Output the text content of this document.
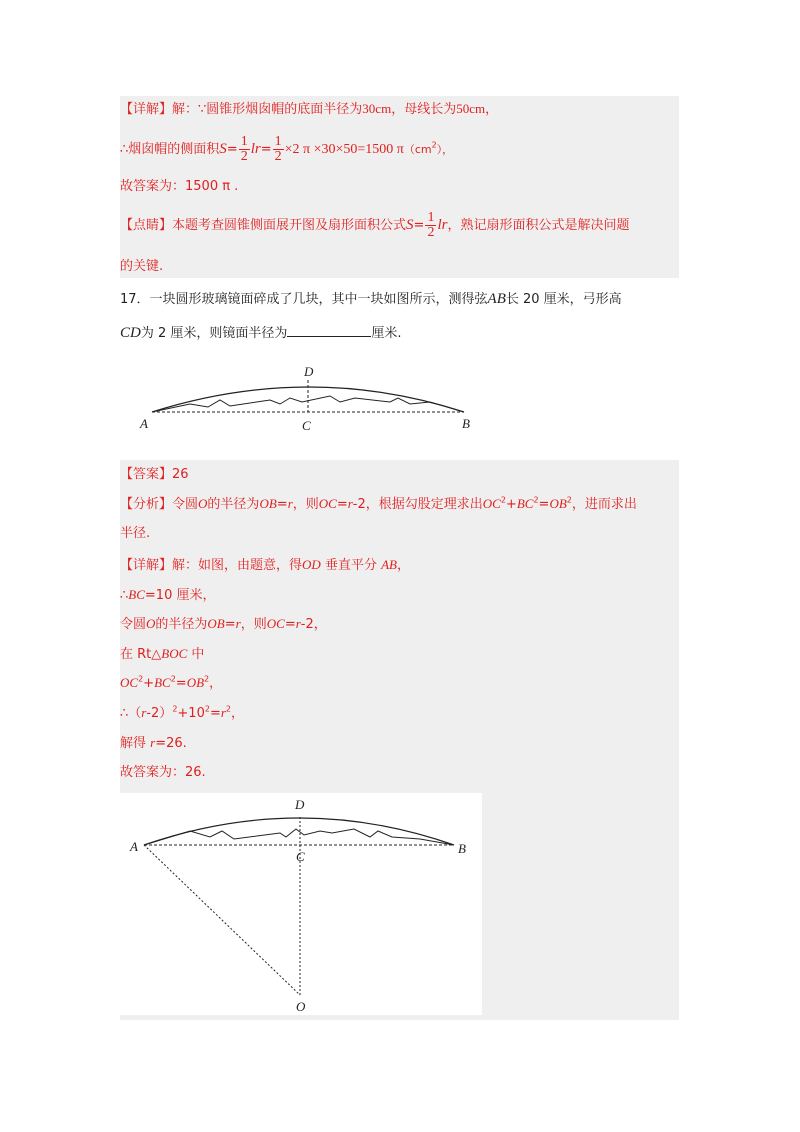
【详解】解：∵圆锥形烟囱帽的底面半径为30cm，母线长为50cm，
∴烟囱帽的侧面积$S= \frac{1}{2} lr= \frac{1}{2} \times 2$ π ×30×50=1500 $\pi(cm^2)$，
故答案为：1500 π .
【点睛】本题考查圆锥侧面展开图及扇形面积公式$S= \frac{1}{2}$ lr，熟记扇形面积公式是解决问题
的关键.
17．一块圆形玻璃镜面碎成了几块，其中一块如图所示，测得弦AB长 20 厘米，弓形高
CD为 2 厘米，则镜面半径为	厘米.
A	B
C
D
【答案】26
【分析】令圆O的半径为OB=r，则OC=r-2，根据勾股定理求出$OC^2+BC^2=OB^2$，进而求出
半径.
【详解】解：如图，由题意，得OD 垂直平分 AB，
∴BC=10 厘米，
令圆O的半径为OB=r，则OC=r-2，
在 Rt△BOC 中
$OC^2+BC^2=OB^2$，
$\therefore(r-2)^2+10^2=r^2$，
解得 r=26.
故答案为：26.
A	B
C
D
O
